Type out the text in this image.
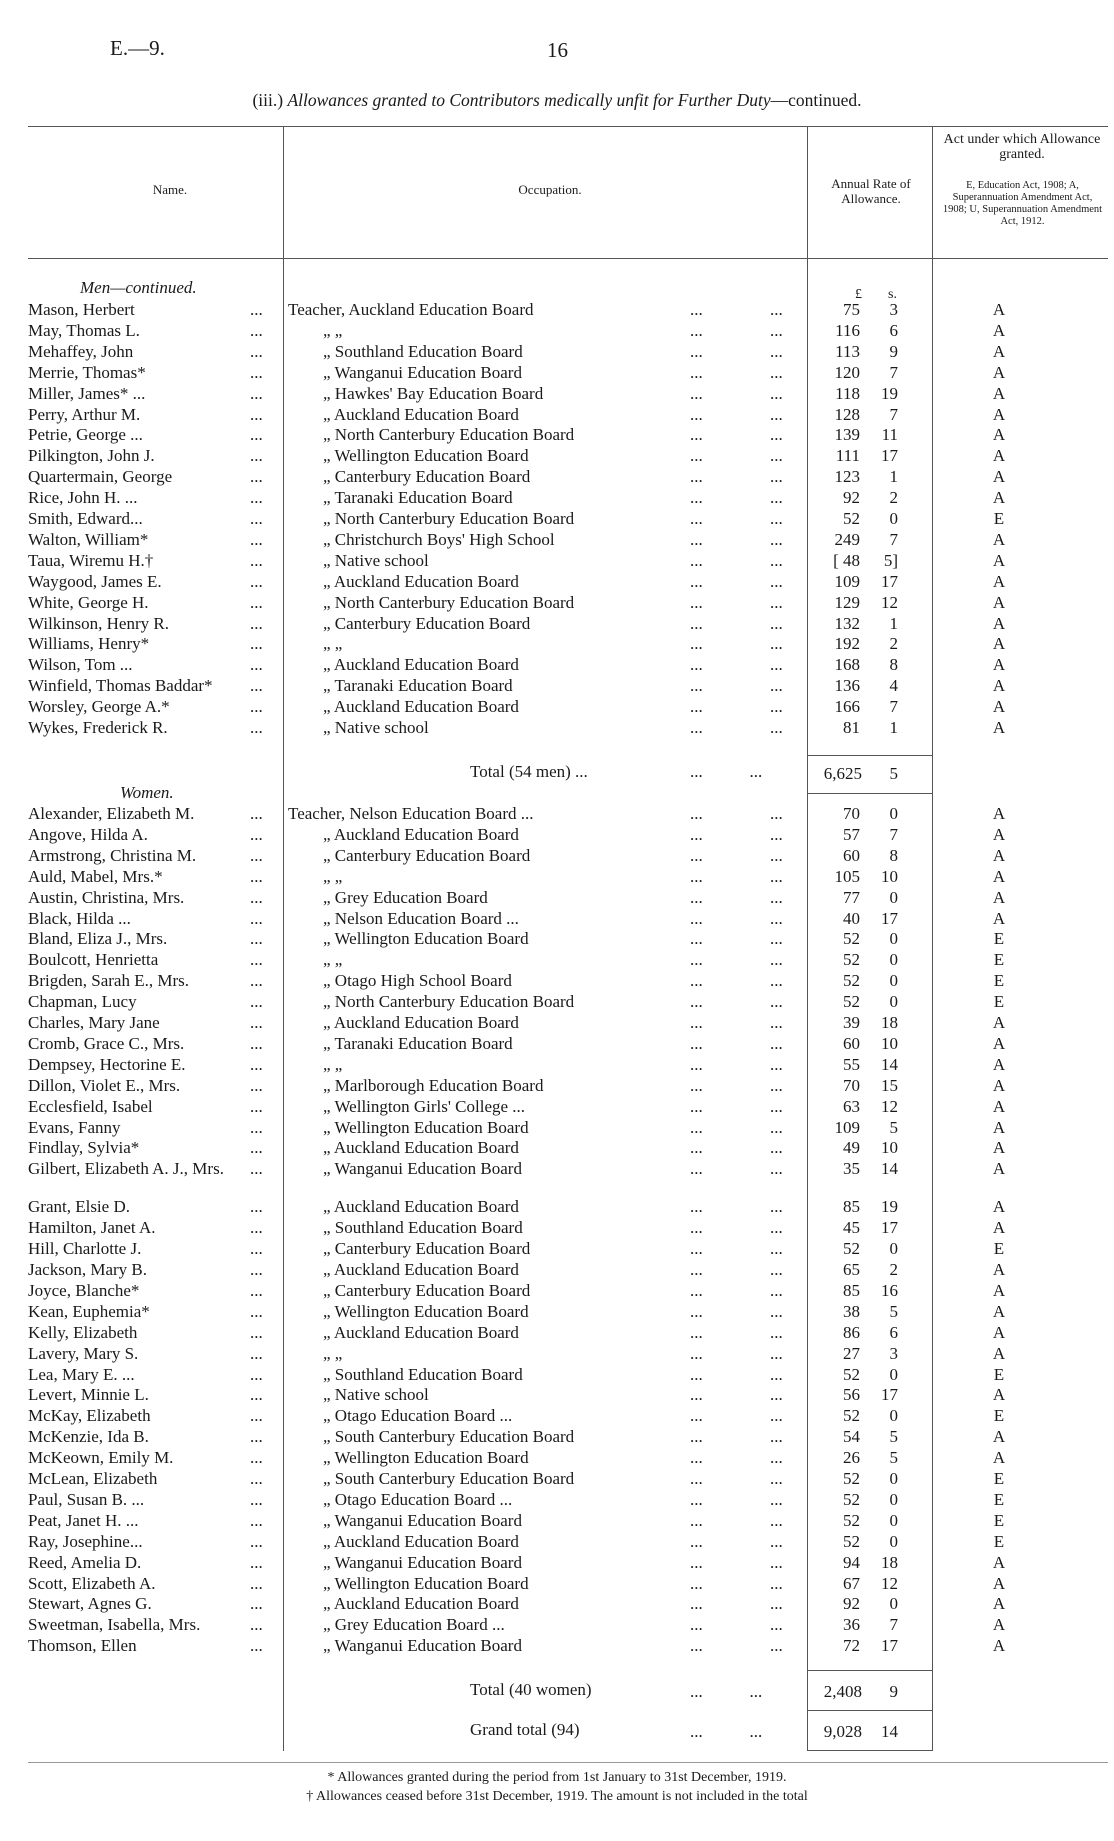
E.—9.	16
(iii.) Allowances granted to Contributors medically unfit for Further Duty—continued.
Name.	Occupation.	Annual Rate of Allowance.
Act under which Allowance granted.
E, Education Act, 1908; A, Superannuation Amendment Act, 1908; U, Superannuation Amendment Act, 1912.
£ s.
Men—continued.
Mason, Herbert	... Teacher, Auckland Education Board	...	...	75	3	A
May, Thomas L.	...	„ „	...	...	116	6	A
Mehaffey, John	...	„ Southland Education Board	...	...	113	9	A
Merrie, Thomas*	...	„ Wanganui Education Board	...	...	120	7	A
Miller, James* ...	...	„ Hawkes' Bay Education Board	...	...	118	19	A
Perry, Arthur M.	...	„ Auckland Education Board	...	...	128	7	A
Petrie, George ...	...	„ North Canterbury Education Board	...	...	139	11	A
Pilkington, John J.	...	„ Wellington Education Board	...	...	111	17	A
Quartermain, George	...	„ Canterbury Education Board	...	...	123	1	A
Rice, John H. ...	...	„ Taranaki Education Board	...	...	92	2	A
Smith, Edward...	...	„ North Canterbury Education Board	...	...	52	0	E
Walton, William*	...	„ Christchurch Boys' High School	...	...	249	7	A
Taua, Wiremu H.†	...	„ Native school	...	...	[ 48	5]	A
Waygood, James E.	...	„ Auckland Education Board	...	...	109	17	A
White, George H.	...	„ North Canterbury Education Board	...	...	129	12	A
Wilkinson, Henry R.	...	„ Canterbury Education Board	...	...	132	1	A
Williams, Henry*	...	„ „	...	...	192	2	A
Wilson, Tom ...	...	„ Auckland Education Board	...	...	168	8	A
Winfield, Thomas Baddar* ...	„ Taranaki Education Board	...	...	136	4	A
Worsley, George A.*	...	„ Auckland Education Board	...	...	166	7	A
Wykes, Frederick R.	...	„ Native school	...	...	81	1	A
Total (54 men) ...	...           ...	6,625	5
Women.
Alexander, Elizabeth M.	... Teacher, Nelson Education Board ...	...	...	70	0	A
Angove, Hilda A.	...	„ Auckland Education Board	...	...	57	7	A
Armstrong, Christina M.	...	„ Canterbury Education Board	...	...	60	8	A
Auld, Mabel, Mrs.*	...	„ „	...	...	105	10	A
Austin, Christina, Mrs.	...	„ Grey Education Board	...	...	77	0	A
Black, Hilda ...	...	„ Nelson Education Board ...	...	...	40	17	A
Bland, Eliza J., Mrs.	...	„ Wellington Education Board	...	...	52	0	E
Boulcott, Henrietta	...	„ „	...	...	52	0	E
Brigden, Sarah E., Mrs.	...	„ Otago High School Board	...	...	52	0	E
Chapman, Lucy	...	„ North Canterbury Education Board	...	...	52	0	E
Charles, Mary Jane	...	„ Auckland Education Board	...	...	39	18	A
Cromb, Grace C., Mrs.	...	„ Taranaki Education Board	...	...	60	10	A
Dempsey, Hectorine E.	...	„ „	...	...	55	14	A
Dillon, Violet E., Mrs.	...	„ Marlborough Education Board	...	...	70	15	A
Ecclesfield, Isabel	...	„ Wellington Girls' College ...	...	...	63	12	A
Evans, Fanny	...	„ Wellington Education Board	...	...	109	5	A
Findlay, Sylvia*	...	„ Auckland Education Board	...	...	49	10	A
Gilbert, Elizabeth A. J., Mrs. ...	„ Wanganui Education Board	...	...	35	14	A
Grant, Elsie D.	...	„ Auckland Education Board	...	...	85	19	A
Hamilton, Janet A.	...	„ Southland Education Board	...	...	45	17	A
Hill, Charlotte J.	...	„ Canterbury Education Board	...	...	52	0	E
Jackson, Mary B.	...	„ Auckland Education Board	...	...	65	2	A
Joyce, Blanche*	...	„ Canterbury Education Board	...	...	85	16	A
Kean, Euphemia*	...	„ Wellington Education Board	...	...	38	5	A
Kelly, Elizabeth	...	„ Auckland Education Board	...	...	86	6	A
Lavery, Mary S.	...	„ „	...	...	27	3	A
Lea, Mary E. ...	...	„ Southland Education Board	...	...	52	0	E
Levert, Minnie L.	...	„ Native school	...	...	56	17	A
McKay, Elizabeth	...	„ Otago Education Board ...	...	...	52	0	E
McKenzie, Ida B.	...	„ South Canterbury Education Board	...	...	54	5	A
McKeown, Emily M.	...	„ Wellington Education Board	...	...	26	5	A
McLean, Elizabeth	...	„ South Canterbury Education Board	...	...	52	0	E
Paul, Susan B. ...	...	„ Otago Education Board ...	...	...	52	0	E
Peat, Janet H. ...	...	„ Wanganui Education Board	...	...	52	0	E
Ray, Josephine...	...	„ Auckland Education Board	...	...	52	0	E
Reed, Amelia D.	...	„ Wanganui Education Board	...	...	94	18	A
Scott, Elizabeth A.	...	„ Wellington Education Board	...	...	67	12	A
Stewart, Agnes G.	...	„ Auckland Education Board	...	...	92	0	A
Sweetman, Isabella, Mrs.	...	„ Grey Education Board ...	...	...	36	7	A
Thomson, Ellen	...	„ Wanganui Education Board	...	...	72	17	A
Total (40 women)	...           ...	2,408	9
Grand total (94)	...           ...	9,028	14
* Allowances granted during the period from 1st January to 31st December, 1919.
† Allowances ceased before 31st December, 1919. The amount is not included in the total
